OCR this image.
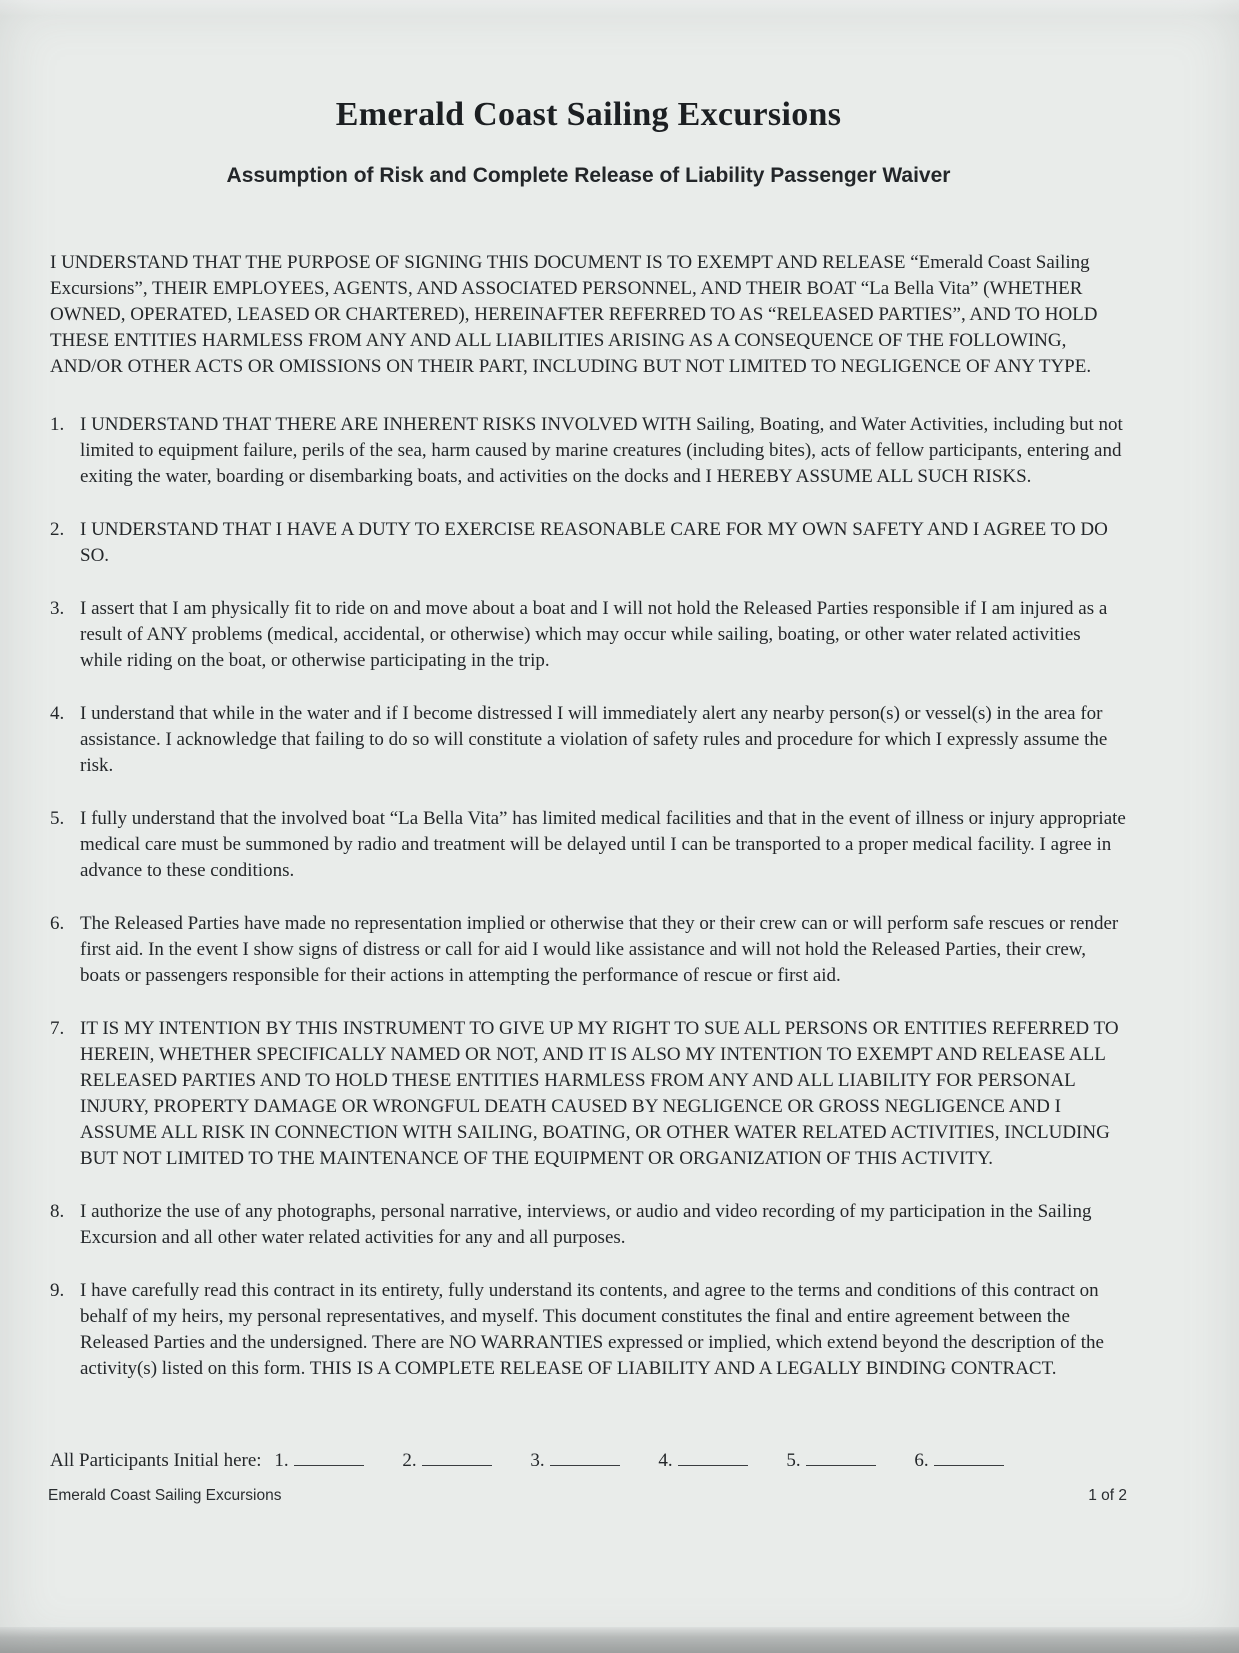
Emerald Coast Sailing Excursions
Assumption of Risk and Complete Release of Liability Passenger Waiver

I UNDERSTAND THAT THE PURPOSE OF SIGNING THIS DOCUMENT IS TO EXEMPT AND RELEASE “Emerald Coast Sailing Excursions”, THEIR EMPLOYEES, AGENTS, AND ASSOCIATED PERSONNEL, AND THEIR BOAT “La Bella Vita” (WHETHER OWNED, OPERATED, LEASED OR CHARTERED), HEREINAFTER REFERRED TO AS “RELEASED PARTIES”, AND TO HOLD THESE ENTITIES HARMLESS FROM ANY AND ALL LIABILITIES ARISING AS A CONSEQUENCE OF THE FOLLOWING, AND/OR OTHER ACTS OR OMISSIONS ON THEIR PART, INCLUDING BUT NOT LIMITED TO NEGLIGENCE OF ANY TYPE.

1. I UNDERSTAND THAT THERE ARE INHERENT RISKS INVOLVED WITH Sailing, Boating, and Water Activities, including but not limited to equipment failure, perils of the sea, harm caused by marine creatures (including bites), acts of fellow participants, entering and exiting the water, boarding or disembarking boats, and activities on the docks and I HEREBY ASSUME ALL SUCH RISKS.
2. I UNDERSTAND THAT I HAVE A DUTY TO EXERCISE REASONABLE CARE FOR MY OWN SAFETY AND I AGREE TO DO SO.
3. I assert that I am physically fit to ride on and move about a boat and I will not hold the Released Parties responsible if I am injured as a result of ANY problems (medical, accidental, or otherwise) which may occur while sailing, boating, or other water related activities while riding on the boat, or otherwise participating in the trip.
4. I understand that while in the water and if I become distressed I will immediately alert any nearby person(s) or vessel(s) in the area for assistance. I acknowledge that failing to do so will constitute a violation of safety rules and procedure for which I expressly assume the risk.
5. I fully understand that the involved boat “La Bella Vita” has limited medical facilities and that in the event of illness or injury appropriate medical care must be summoned by radio and treatment will be delayed until I can be transported to a proper medical facility. I agree in advance to these conditions.
6. The Released Parties have made no representation implied or otherwise that they or their crew can or will perform safe rescues or render first aid. In the event I show signs of distress or call for aid I would like assistance and will not hold the Released Parties, their crew, boats or passengers responsible for their actions in attempting the performance of rescue or first aid.
7. IT IS MY INTENTION BY THIS INSTRUMENT TO GIVE UP MY RIGHT TO SUE ALL PERSONS OR ENTITIES REFERRED TO HEREIN, WHETHER SPECIFICALLY NAMED OR NOT, AND IT IS ALSO MY INTENTION TO EXEMPT AND RELEASE ALL RELEASED PARTIES AND TO HOLD THESE ENTITIES HARMLESS FROM ANY AND ALL LIABILITY FOR PERSONAL INJURY, PROPERTY DAMAGE OR WRONGFUL DEATH CAUSED BY NEGLIGENCE OR GROSS NEGLIGENCE AND I ASSUME ALL RISK IN CONNECTION WITH SAILING, BOATING, OR OTHER WATER RELATED ACTIVITIES, INCLUDING BUT NOT LIMITED TO THE MAINTENANCE OF THE EQUIPMENT OR ORGANIZATION OF THIS ACTIVITY.
8. I authorize the use of any photographs, personal narrative, interviews, or audio and video recording of my participation in the Sailing Excursion and all other water related activities for any and all purposes.
9. I have carefully read this contract in its entirety, fully understand its contents, and agree to the terms and conditions of this contract on behalf of my heirs, my personal representatives, and myself. This document constitutes the final and entire agreement between the Released Parties and the undersigned. There are NO WARRANTIES expressed or implied, which extend beyond the description of the activity(s) listed on this form. THIS IS A COMPLETE RELEASE OF LIABILITY AND A LEGALLY BINDING CONTRACT.
All Participants Initial here: 1.	2.	3.	4.	5.	6.
Emerald Coast Sailing Excursions	1 of 2
